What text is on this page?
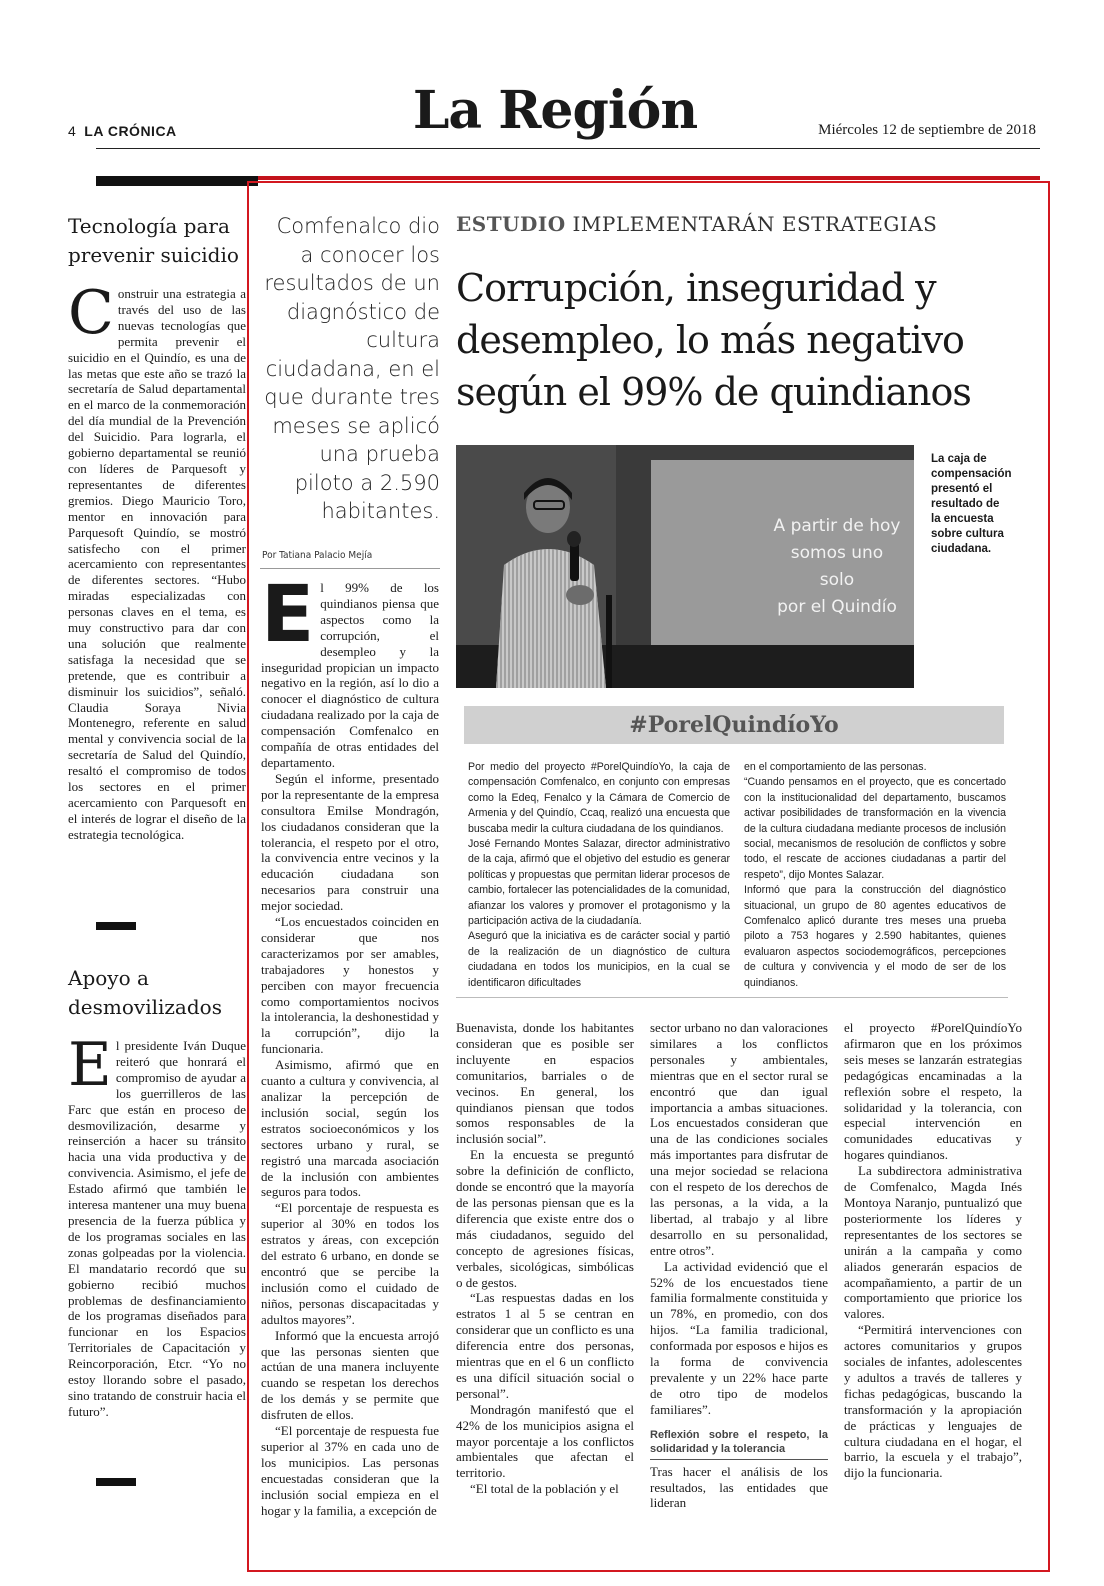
4 LA CRÓNICA	La Región	Miércoles 12 de septiembre de 2018
Tecnología para prevenir suicidio
C onstruir una estrategia a través del uso de las nuevas tecnologías que permita prevenir el suicidio en el Quindío, es una de las metas que este año se trazó la secretaría de Salud departamental en el marco de la conmemoración del día mundial de la Prevención del Suicidio. Para lograrla, el gobierno departamental se reunió con líderes de Parquesoft y representantes de diferentes gremios. Diego Mauricio Toro, mentor en innovación para Parquesoft Quindío, se mostró satisfecho con el primer acercamiento con representantes de diferentes sectores. “Hubo miradas especializadas con personas claves en el tema, es muy constructivo para dar con una solución que realmente satisfaga la necesidad que se pretende, que es contribuir a disminuir los suicidios”, señaló. Claudia Soraya Nivia Montenegro, referente en salud mental y convivencia social de la secretaría de Salud del Quindío, resaltó el compromiso de todos los sectores en el primer acercamiento con Parquesoft en el interés de lograr el diseño de la estrategia tecnológica.

Apoyo a desmovilizados
E l presidente Iván Duque reiteró que honrará el compromiso de ayudar a los guerrilleros de las Farc que están en proceso de desmovilización, desarme y reinserción a hacer su tránsito hacia una vida productiva y de convivencia. Asimismo, el jefe de Estado afirmó que también le interesa mantener una muy buena presencia de la fuerza pública y de los programas sociales en las zonas golpeadas por la violencia. El mandatario recordó que su gobierno recibió muchos problemas de desfinanciamiento de los programas diseñados para funcionar en los Espacios Territoriales de Capacitación y Reincorporación, Etcr. “Yo no estoy llorando sobre el pasado, sino tratando de construir hacia el futuro”.

Comfenalco dio a conocer los resultados de un diagnóstico de cultura ciudadana, en el que durante tres meses se aplicó una prueba piloto a 2.590 habitantes.
Por Tatiana Palacio Mejía
ESTUDIO IMPLEMENTARÁN ESTRATEGIAS
Corrupción, inseguridad y desempleo, lo más negativo según el 99% de quindianos
A partir de hoy
somos uno solo
por el Quindío
La caja de compensación presentó el resultado de la encuesta sobre cultura ciudadana.
#PorelQuindíoYo

Por medio del proyecto #PorelQuindíoYo, la caja de compensación Comfenalco, en conjunto con empresas como la Edeq, Fenalco y la Cámara de Comercio de Armenia y del Quindío, Ccaq, realizó una encuesta que buscaba medir la cultura ciudadana de los quindianos.

José Fernando Montes Salazar, director administrativo de la caja, afirmó que el objetivo del estudio es generar políticas y propuestas que permitan liderar procesos de cambio, fortalecer las potencialidades de la comunidad, afianzar los valores y promover el protagonismo y la participación activa de la ciudadanía.

Aseguró que la iniciativa es de carácter social y partió de la realización de un diagnóstico de cultura ciudadana en todos los municipios, en la cual se identificaron dificultades

en el comportamiento de las personas.

“Cuando pensamos en el proyecto, que es concertado con la institucionalidad del departamento, buscamos activar posibilidades de transformación en la vivencia de la cultura ciudadana mediante procesos de inclusión social, mecanismos de resolución de conflictos y sobre todo, el rescate de acciones ciudadanas a partir del respeto”, dijo Montes Salazar.

Informó que para la construcción del diagnóstico situacional, un grupo de 80 agentes educativos de Comfenalco aplicó durante tres meses una prueba piloto a 753 hogares y 2.590 habitantes, quienes evaluaron aspectos sociodemográficos, percepciones de cultura y convivencia y el modo de ser de los quindianos.

E l 99% de los quindianos piensa que aspectos como la corrupción, el desempleo y la inseguridad propician un impacto negativo en la región, así lo dio a conocer el diagnóstico de cultura ciudadana realizado por la caja de compensación Comfenalco en compañía de otras entidades del departamento.

Según el informe, presentado por la representante de la empresa consultora Emilse Mondragón, los ciudadanos consideran que la tolerancia, el respeto por el otro, la convivencia entre vecinos y la educación ciudadana son necesarios para construir una mejor sociedad.

“Los encuestados coinciden en considerar que nos caracterizamos por ser amables, trabajadores y honestos y perciben con mayor frecuencia como comportamientos nocivos la intolerancia, la deshonestidad y la corrupción”, dijo la funcionaria.

Asimismo, afirmó que en cuanto a cultura y convivencia, al analizar la percepción de inclusión social, según los estratos socioeconómicos y los sectores urbano y rural, se registró una marcada asociación de la inclusión con ambientes seguros para todos.

“El porcentaje de respuesta es superior al 30% en todos los estratos y áreas, con excepción del estrato 6 urbano, en donde se encontró que se percibe la inclusión como el cuidado de niños, personas discapacitadas y adultos mayores”.

Informó que la encuesta arrojó que las personas sienten que actúan de una manera incluyente cuando se respetan los derechos de los demás y se permite que disfruten de ellos.

“El porcentaje de respuesta fue superior al 37% en cada uno de los municipios. Las personas encuestadas consideran que la inclusión social empieza en el hogar y la familia, a excepción de

Buenavista, donde los habitantes consideran que es posible ser incluyente en espacios comunitarios, barriales o de vecinos. En general, los quindianos piensan que todos somos responsables de la inclusión social”.

En la encuesta se preguntó sobre la definición de conflicto, donde se encontró que la mayoría de las personas piensan que es la diferencia que existe entre dos o más ciudadanos, seguido del concepto de agresiones físicas, verbales, sicológicas, simbólicas o de gestos.

“Las respuestas dadas en los estratos 1 al 5 se centran en considerar que un conflicto es una diferencia entre dos personas, mientras que en el 6 un conflicto es una difícil situación social o personal”.

Mondragón manifestó que el 42% de los municipios asigna el mayor porcentaje a los conflictos ambientales que afectan el territorio.

“El total de la población y el

sector urbano no dan valoraciones similares a los conflictos personales y ambientales, mientras que en el sector rural se encontró que dan igual importancia a ambas situaciones. Los encuestados consideran que una de las condiciones sociales más importantes para disfrutar de una mejor sociedad se relaciona con el respeto de los derechos de las personas, a la vida, a la libertad, al trabajo y al libre desarrollo en su personalidad, entre otros”.

La actividad evidenció que el 52% de los encuestados tiene familia formalmente constituida y un 78%, en promedio, con dos hijos. “La familia tradicional, conformada por esposos e hijos es la forma de convivencia prevalente y un 22% hace parte de otro tipo de modelos familiares”.

Reflexión sobre el respeto, la solidaridad y la tolerancia

Tras hacer el análisis de los resultados, las entidades que lideran

el proyecto #PorelQuindíoYo afirmaron que en los próximos seis meses se lanzarán estrategias pedagógicas encaminadas a la reflexión sobre el respeto, la solidaridad y la tolerancia, con especial intervención en comunidades educativas y hogares quindianos.

La subdirectora administrativa de Comfenalco, Magda Inés Montoya Naranjo, puntualizó que posteriormente los líderes y representantes de los sectores se unirán a la campaña y como aliados generarán espacios de acompañamiento, a partir de un comportamiento que priorice los valores.

“Permitirá intervenciones con actores comunitarios y grupos sociales de infantes, adolescentes y adultos a través de talleres y fichas pedagógicas, buscando la transformación y la apropiación de prácticas y lenguajes de cultura ciudadana en el hogar, el barrio, la escuela y el trabajo”, dijo la funcionaria.
